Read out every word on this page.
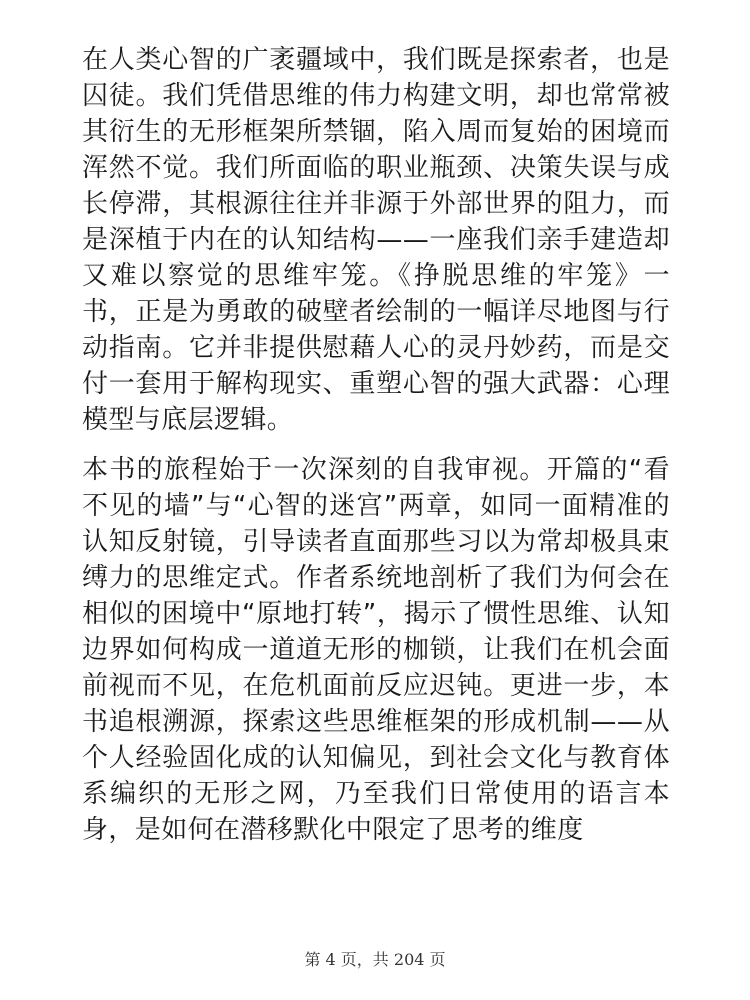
在人类心智的广袤疆域中，我们既是探索者，也是囚徒。我们凭借思维的伟力构建文明，却也常常被其衍生的无形框架所禁锢，陷入周而复始的困境而浑然不觉。我们所面临的职业瓶颈、决策失误与成长停滞，其根源往往并非源于外部世界的阻力，而是深植于内在的认知结构——一座我们亲手建造却又难以察觉的思维牢笼。《挣脱思维的牢笼》一书，正是为勇敢的破壁者绘制的一幅详尽地图与行动指南。它并非提供慰藉人心的灵丹妙药，而是交付一套用于解构现实、重塑心智的强大武器：心理模型与底层逻辑。

本书的旅程始于一次深刻的自我审视。开篇的“看不见的墙”与“心智的迷宫”两章，如同一面精准的认知反射镜，引导读者直面那些习以为常却极具束缚力的思维定式。作者系统地剖析了我们为何会在相似的困境中“原地打转”，揭示了惯性思维、认知边界如何构成一道道无形的枷锁，让我们在机会面前视而不见，在危机面前反应迟钝。更进一步，本书追根溯源，探索这些思维框架的形成机制——从个人经验固化成的认知偏见，到社会文化与教育体系编织的无形之网，乃至我们日常使用的语言本身，是如何在潜移默化中限定了思考的维度

第 4 页，共 204 页
